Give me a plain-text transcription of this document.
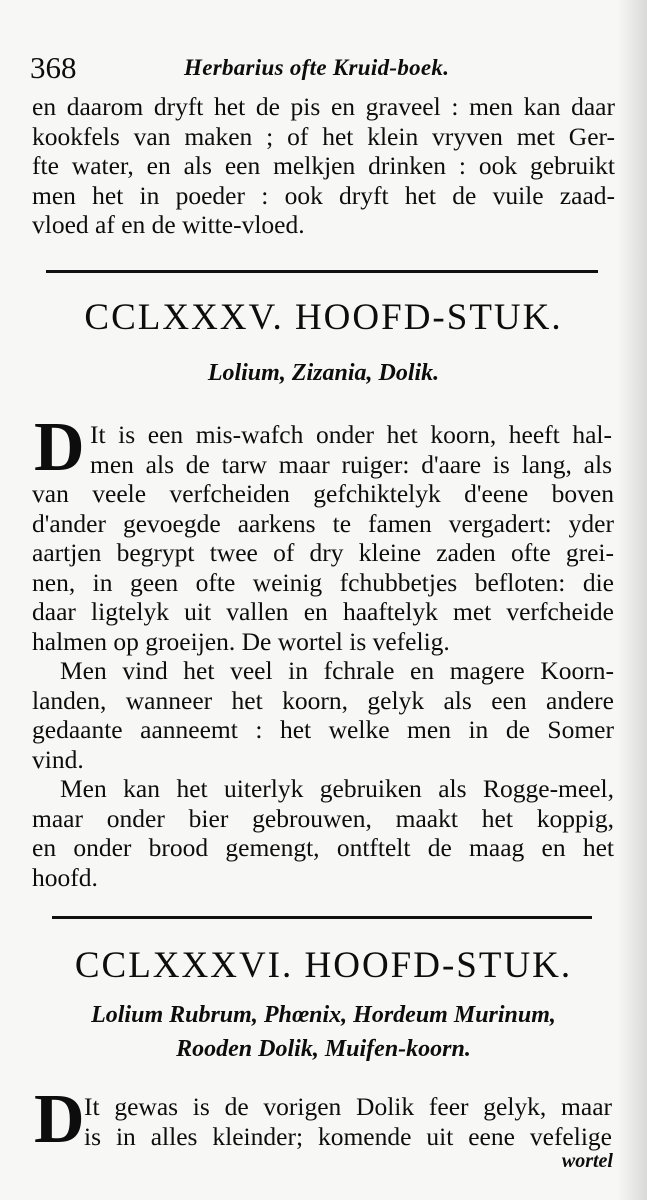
368	Herbarius ofte Kruid-boek.
en daarom dryft het de pis en graveel : men kan daar
kookfels van maken ; of het klein vryven met Ger-
fte water, en als een melkjen drinken : ook gebruikt
men het in poeder : ook dryft het de vuile zaad-
vloed af en de witte-vloed.
CCLXXXV. HOOFD-STUK.
Lolium, Zizania, Dolik.
D It is een mis-wafch onder het koorn, heeft hal-
men als de tarw maar ruiger: d'aare is lang, als
van veele verfcheiden gefchiktelyk d'eene boven
d'ander gevoegde aarkens te famen vergadert: yder
aartjen begrypt twee of dry kleine zaden ofte grei-
nen, in geen ofte weinig fchubbetjes befloten: die
daar ligtelyk uit vallen en haaftelyk met verfcheide
halmen op groeijen. De wortel is vefelig.
Men vind het veel in fchrale en magere Koorn-
landen, wanneer het koorn, gelyk als een andere
gedaante aanneemt : het welke men in de Somer
vind.
Men kan het uiterlyk gebruiken als Rogge-meel,
maar onder bier gebrouwen, maakt het koppig,
en onder brood gemengt, ontftelt de maag en het
hoofd.
CCLXXXVI. HOOFD-STUK.
Lolium Rubrum, Phœnix, Hordeum Murinum,
Rooden Dolik, Muifen-koorn.
D It gewas is de vorigen Dolik feer gelyk, maar
is in alles kleinder; komende uit eene vefelige
wortel
